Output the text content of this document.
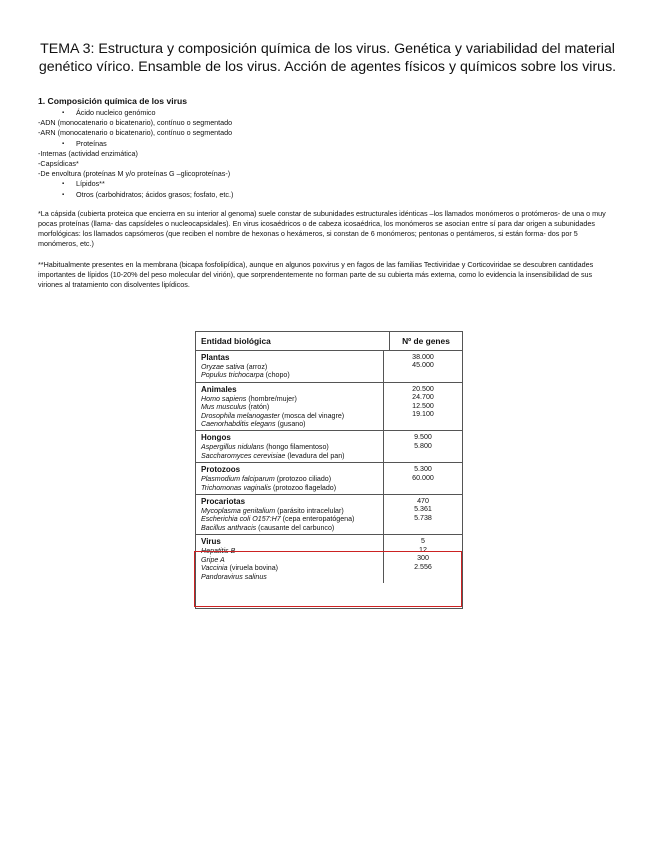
TEMA 3: Estructura y composición química de los virus. Genética y variabilidad del material genético vírico. Ensamble de los virus. Acción de agentes físicos y químicos sobre los virus.
1. Composición química de los virus
▪ Ácido nucleico genómico
-ADN (monocatenario o bicatenario), contínuo o segmentado
-ARN (monocatenario o bicatenario), contínuo o segmentado
▪ Proteínas
-Internas (actividad enzimática)
-Capsídicas*
-De envoltura (proteínas M y/o proteínas G –glicoproteínas-)
▪ Lípidos**
▪ Otros (carbohidratos; ácidos grasos; fosfato, etc.)
*La cápsida (cubierta proteica que encierra en su interior al genoma) suele constar de subunidades estructurales idénticas –los llamados monómeros o protómeros- de una o muy pocas proteínas (llama- das capsídeles o nucleocapsidales). En virus icosaédricos o de cabeza icosaédrica, los monómeros se asocian entre sí para dar origen a subunidades morfológicas: los llamados capsómeros (que reciben el nombre de hexonas o hexámeros, si constan de 6 monómeros; pentonas o pentámeros, si están forma- dos por 5 monómeros, etc.)
**Habitualmente presentes en la membrana (bicapa fosfolipídica), aunque en algunos poxvirus y en fagos de las familias Tectiviridae y Corticoviridae se descubren cantidades importantes de lípidos (10-20% del peso molecular del virión), que sorprendentemente no forman parte de su cubierta más externa, como lo evidencia la insensibilidad de sus viriones al tratamiento con disolventes lipídicos.
Entidad biológica	Nº de genes
Plantas
Oryzae sativa (arroz)
Populus trichocarpa (chopo)
38.000
45.000
Animales
Homo sapiens (hombre/mujer)
Mus musculus (ratón)
Drosophila melanogaster (mosca del vinagre)
Caenorhabditis elegans (gusano)
20.500
24.700
12.500
19.100
Hongos
Aspergillus nidulans (hongo filamentoso)
Saccharomyces cerevisiae (levadura del pan)
9.500
5.800
Protozoos
Plasmodium falciparum (protozoo ciliado)
Trichomonas vaginalis (protozoo flagelado)
5.300
60.000
Procariotas
Mycoplasma genitalium (parásito intracelular)
Escherichia coli O157:H7 (cepa enteropatógena)
Bacillus anthracis (causante del carbunco)
470
5.361
5.738
Virus
Hepatitis B
Gripe A
Vaccinia (viruela bovina)
Pandoravirus salinus
5
12
300
2.556
